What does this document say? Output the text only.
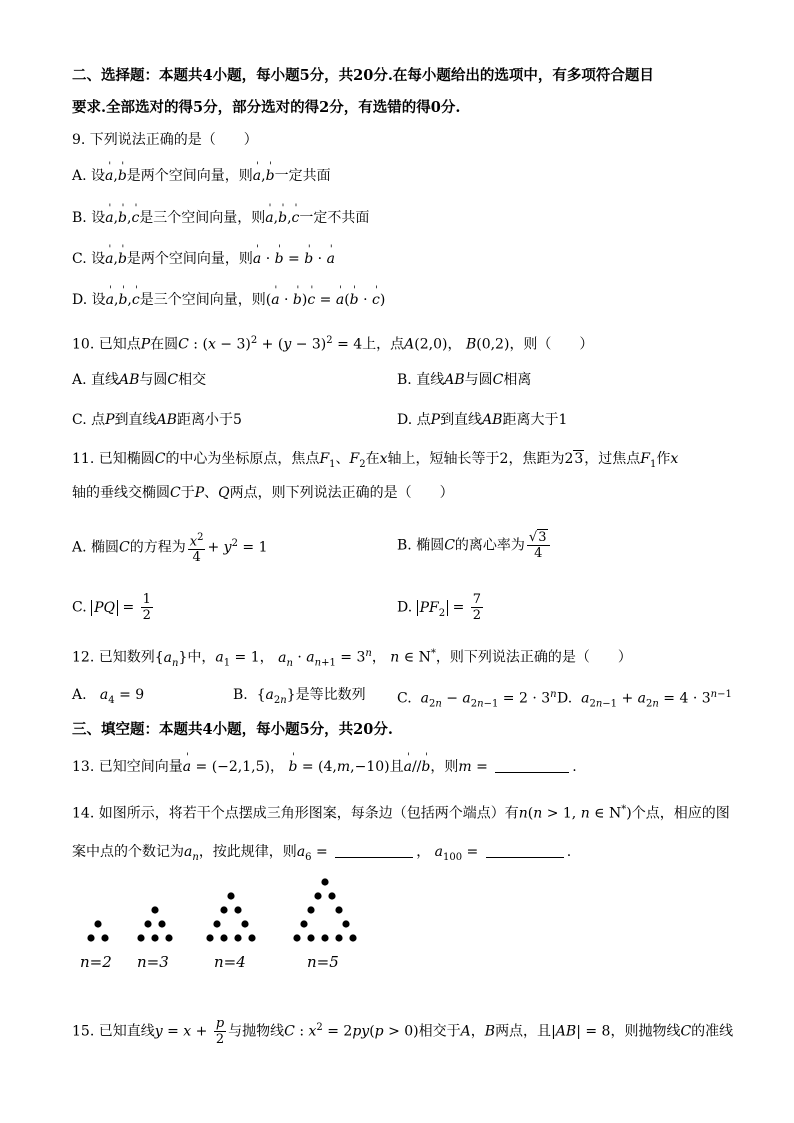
二、选择题：本题共4小题，每小题5分，共20分.在每小题给出的选项中，有多项符合题目
要求.全部选对的得5分，部分选对的得2分，有选错的得0分.
9. 下列说法正确的是（　　）
A. 设' a,' b是两个空间向量，则' a,' b一定共面
B. 设' a,' b,' c是三个空间向量，则' a,' b,' c一定不共面
C. 设' a,' b是两个空间向量，则' a · ' b = ' b · ' a
D. 设' a,' b,' c是三个空间向量，则(' a · ' b)' c = ' a(' b · ' c)
10. 已知点P在圆C : $(x - 3)^2 + (y - 3)^2 = 4$上，点A(2,0)， B(0,2)，则（　　）
A. 直线AB与圆C相交	B. 直线AB与圆C相离
C. 点P到直线AB距离小于5	D. 点P到直线AB距离大于1
11. 已知椭圆C的中心为坐标原点，焦点$F_1$、$F_2$在x轴上，短轴长等于2，焦距为23，过焦点$F_1$作x
轴的垂线交椭圆C于P、Q两点，则下列说法正确的是（　　）
A. 椭圆C的方程为 $\frac{x^2}{4} + y^2 = 1$	B. 椭圆C的离心率为 $\frac{√3}{4}$
C. PQ = $\frac{1}{2}$	D. $PF_2 = \frac{7}{2}$
12. 已知数列$\{a_n\}$中，$a_1 = 1$， $a_n \cdot a_{n+1} = 3^n$， n ∈ N*，则下列说法正确的是（　　）
A.   $a_4 = 9$	B.  $\{a_{2n}\}$是等比数列 C.  $a_{2n} - a_{2n-1} = 2 \cdot 3^n$ D.  $a_{2n-1} + a_{2n} = 4 \cdot 3^{n-1}$
三、填空题：本题共4小题，每小题5分，共20分.
13. 已知空间向量' a = (−2,1,5)， ' b = (4,m,−10)且' a//' b，则m =	.
14. 如图所示，将若干个点摆成三角形图案，每条边（包括两个端点）有n(n > 1, n ∈ N*)个点，相应的图
案中点的个数记为$a_n$，按此规律，则$a_6$ =	， $a_{100}$ =	.
n=2 n=3	n=4	n=5
15. 已知直线$y = x + \frac{p}{2}$ 与抛物线C : $x^2 = 2py(p > 0)$相交于A，B两点，且|AB| = 8，则抛物线C的准线
